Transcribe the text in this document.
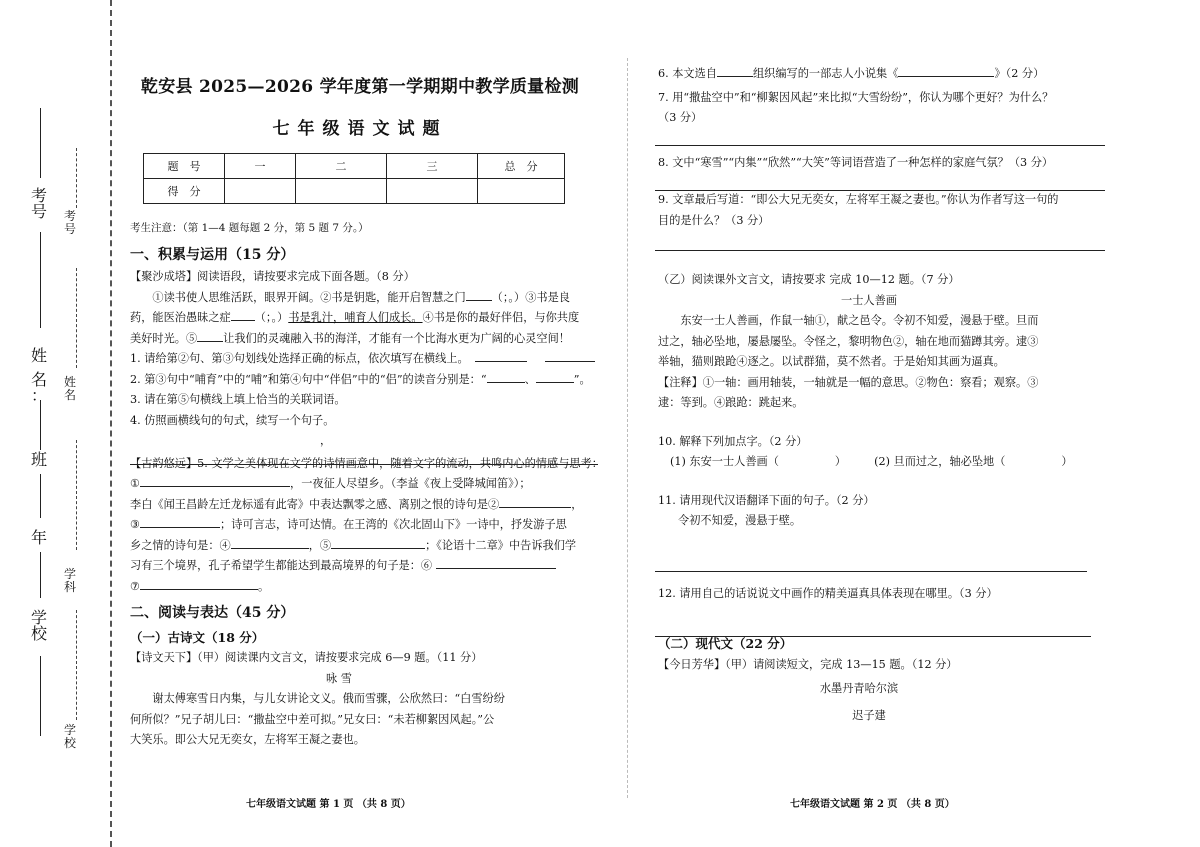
考
号
姓
名
：
班
年
学
校
考
号
姓
名
学
科
学
校
乾安县 2025—2026 学年度第一学期期中教学质量检测
七年级语文试题
题　号	一	二	三	总　分
得　分				

考生注意：（第 1—4 题每题 2 分，第 5 题 7 分。）

一、积累与运用（15 分）

【聚沙成塔】阅读语段，请按要求完成下面各题。（8 分）

①读书使人思维活跃，眼界开阔。②书是钥匙，能开启智慧之门 （；。）③书是良

药，能医治愚昧之症 （；。）书是乳汁，哺育人们成长。④书是你的最好伴侣，与你共度

美好时光。⑤ 让我们的灵魂融入书的海洋，才能有一个比海水更为广阔的心灵空间！

1. 请给第②句、第③句划线处选择正确的标点，依次填写在横线上。

2. 第③句中“哺育”中的“哺”和第④句中“伴侣”中的“侣”的读音分别是：“	、	”。

3. 请在第⑤句横线上填上恰当的关联词语。

4. 仿照画横线句的句式，续写一个句子。

，

【古韵悠远】5. 文学之美体现在文学的诗情画意中，随着文字的流动，共鸣内心的情感与思考：

①	，一夜征人尽望乡。（李益《夜上受降城闻笛》）；

李白《闻王昌龄左迁龙标遥有此寄》中表达飘零之感、离别之恨的诗句是②	，

③	；诗可言志，诗可达情。在王湾的《次北固山下》一诗中，抒发游子思

乡之情的诗句是：④	，⑤	；《论语十二章》中告诉我们学

习有三个境界，孔子希望学生都能达到最高境界的句子是：⑥

⑦	。

二、阅读与表达（45 分）

（一）古诗文（18 分）

【诗文天下】（甲）阅读课内文言文，请按要求完成 6—9 题。（11 分）

咏 雪

谢太傅寒雪日内集，与儿女讲论文义。俄而雪骤，公欣然曰：“白雪纷纷

何所似？”兄子胡儿曰：“撒盐空中差可拟。”兄女曰：“未若柳絮因风起。”公

大笑乐。即公大兄无奕女，左将军王凝之妻也。

6. 本文选自	组织编写的一部志人小说集《	》（2 分）

7. 用“撒盐空中”和“柳絮因风起”来比拟“大雪纷纷”，你认为哪个更好？为什么？

（3 分）

8. 文中“寒雪”“内集”“欣然”“大笑”等词语营造了一种怎样的家庭气氛？（3 分）

9. 文章最后写道：“即公大兄无奕女，左将军王凝之妻也。”你认为作者写这一句的

目的是什么？（3 分）

（乙）阅读课外文言文，请按要求 完成 10—12 题。（7 分）

一士人善画

东安一士人善画，作鼠一轴①，献之邑令。令初不知爱，漫悬于壁。旦而

过之，轴必坠地，屡悬屡坠。令怪之，黎明物色②，轴在地而猫蹲其旁。逮③

举轴，猫则踉跄④逐之。以试群猫，莫不然者。于是始知其画为逼真。

【注释】①一轴：画用轴装，一轴就是一幅的意思。②物色：察看；观察。③

逮：等到。④踉跄：跳起来。

10. 解释下列加点字。（2 分）

(1) 东安一士人善画（	）	(2) 旦而过之，轴必坠地（	）

11. 请用现代汉语翻译下面的句子。（2 分）

令初不知爱，漫悬于壁。

12. 请用自己的话说说文中画作的精美逼真具体表现在哪里。（3 分）

（二）现代文（22 分）

【今日芳华】（甲）请阅读短文，完成 13—15 题。（12 分）

水墨丹青哈尔滨

迟子建

七年级语文试题 第 1 页 （共 8 页）	七年级语文试题 第 2 页 （共 8 页）
